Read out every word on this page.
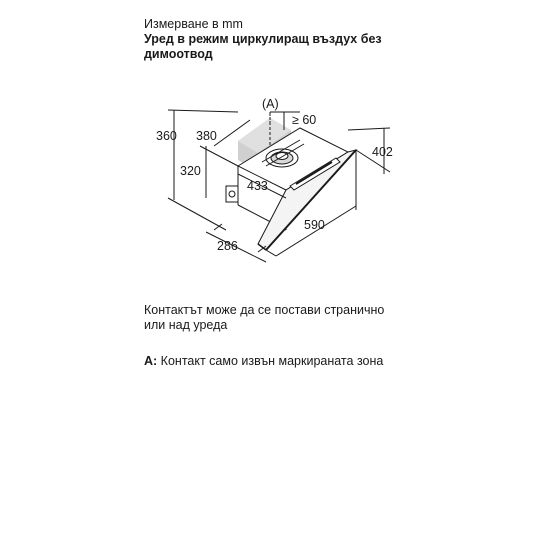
Измерване в mm
Уред в режим циркулиращ въздух без
димоотвод
(A)
≥ 60
360 380
320
433
402
590
286
Контактът може да се постави странично
или над уреда
A: Контакт само извън маркираната зона
